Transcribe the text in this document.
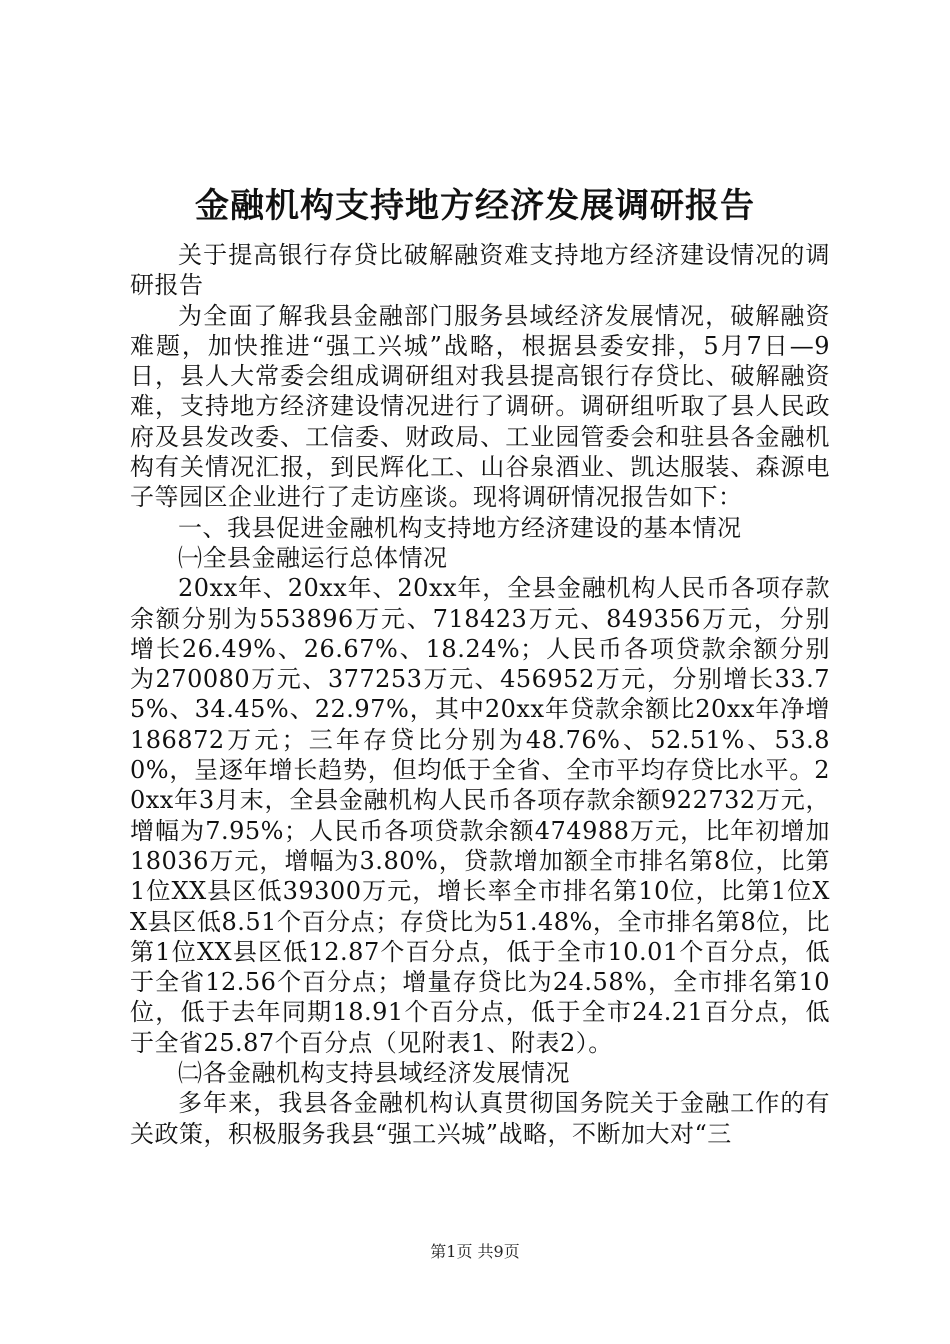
金融机构支持地方经济发展调研报告

关于提高银行存贷比破解融资难支持地方经济建设情况的调研报告

为全面了解我县金融部门服务县域经济发展情况，破解融资难题，加快推进“强工兴城”战略，根据县委安排，5月7日—9日，县人大常委会组成调研组对我县提高银行存贷比、破解融资难，支持地方经济建设情况进行了调研。调研组听取了县人民政府及县发改委、工信委、财政局、工业园管委会和驻县各金融机构有关情况汇报，到民辉化工、山谷泉酒业、凯达服装、森源电子等园区企业进行了走访座谈。现将调研情况报告如下：

一、我县促进金融机构支持地方经济建设的基本情况

㈠全县金融运行总体情况

20xx年、20xx年、20xx年，全县金融机构人民币各项存款余额分别为553896万元、718423万元、849356万元，分别增长26.49%、26.67%、18.24%；人民币各项贷款余额分别为270080万元、377253万元、456952万元，分别增长33.75%、34.45%、22.97%，其中20xx年贷款余额比20xx年净增186872万元；三年存贷比分别为48.76%、52.51%、53.80%，呈逐年增长趋势，但均低于全省、全市平均存贷比水平。20xx年3月末，全县金融机构人民币各项存款余额922732万元，增幅为7.95%；人民币各项贷款余额474988万元，比年初增加18036万元，增幅为3.80%，贷款增加额全市排名第8位，比第1位XX县区低39300万元，增长率全市排名第10位，比第1位XX县区低8.51个百分点；存贷比为51.48%，全市排名第8位，比第1位XX县区低12.87个百分点，低于全市10.01个百分点，低于全省12.56个百分点；增量存贷比为24.58%，全市排名第10位，低于去年同期18.91个百分点，低于全市24.21百分点，低于全省25.87个百分点（见附表1、附表2）。

㈡各金融机构支持县域经济发展情况

多年来，我县各金融机构认真贯彻国务院关于金融工作的有关政策，积极服务我县“强工兴城”战略，不断加大对“三

第1页 共9页
